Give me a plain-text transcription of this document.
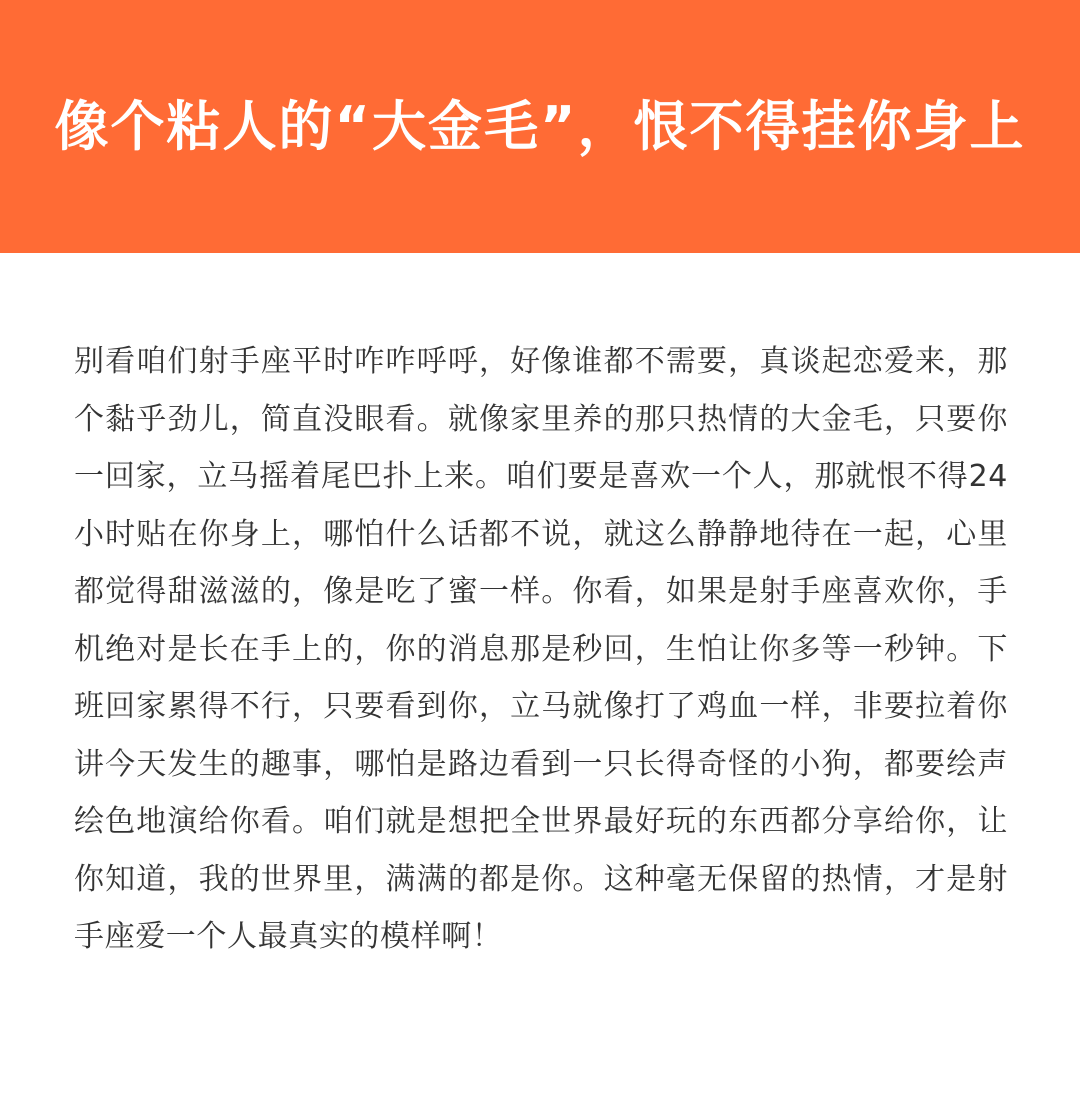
像个粘人的“大金毛”，恨不得挂你身上

别看咱们射手座平时咋咋呼呼，好像谁都不需要，真谈起恋爱来，那个黏乎劲儿，简直没眼看。就像家里养的那只热情的大金毛，只要你一回家，立马摇着尾巴扑上来。咱们要是喜欢一个人，那就恨不得24小时贴在你身上，哪怕什么话都不说，就这么静静地待在一起，心里都觉得甜滋滋的，像是吃了蜜一样。你看，如果是射手座喜欢你，手机绝对是长在手上的，你的消息那是秒回，生怕让你多等一秒钟。下班回家累得不行，只要看到你，立马就像打了鸡血一样，非要拉着你讲今天发生的趣事，哪怕是路边看到一只长得奇怪的小狗，都要绘声绘色地演给你看。咱们就是想把全世界最好玩的东西都分享给你，让你知道，我的世界里，满满的都是你。这种毫无保留的热情，才是射手座爱一个人最真实的模样啊！
